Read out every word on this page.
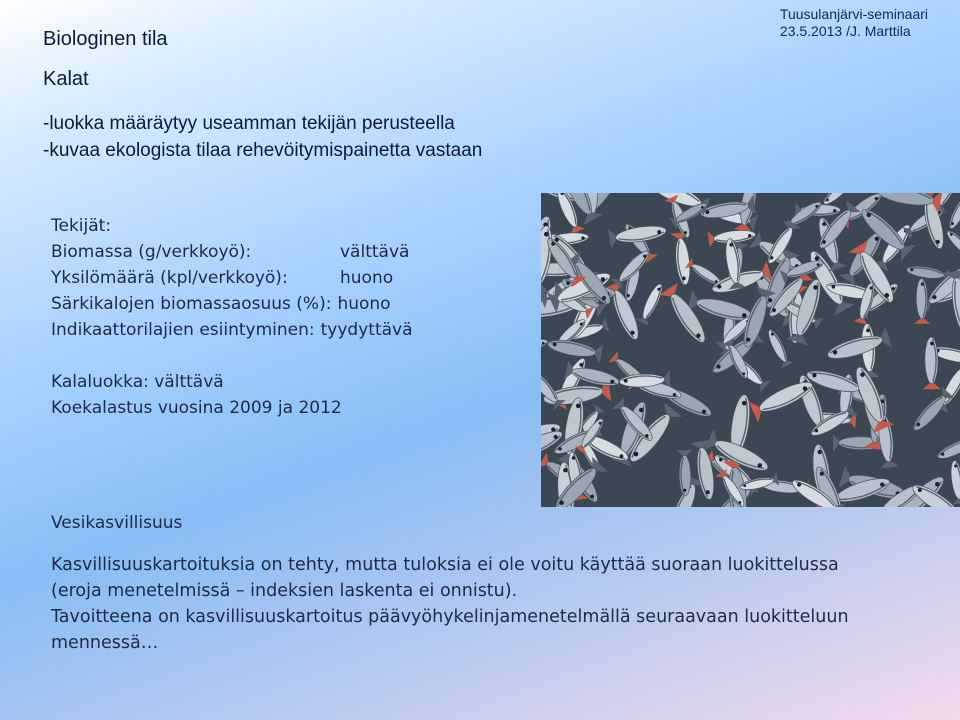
Tuusulanjärvi-seminaari
23.5.2013 /J. Marttila
Biologinen tila
Kalat
-luokka määräytyy useamman tekijän perusteella
-kuvaa ekologista tilaa rehevöitymispainetta vastaan
Tekijät:
Biomassa (g/verkkoyö):	välttävä
Yksilömäärä (kpl/verkkoyö):	huono
Särkikalojen biomassaosuus (%): huono
Indikaattorilajien esiintyminen: tyydyttävä
Kalaluokka: välttävä
Koekalastus vuosina 2009 ja 2012
Vesikasvillisuus
Kasvillisuuskartoituksia on tehty, mutta tuloksia ei ole voitu käyttää suoraan luokittelussa
(eroja menetelmissä – indeksien laskenta ei onnistu).
Tavoitteena on kasvillisuuskartoitus päävyöhykelinjamenetelmällä seuraavaan luokitteluun
mennessä…
